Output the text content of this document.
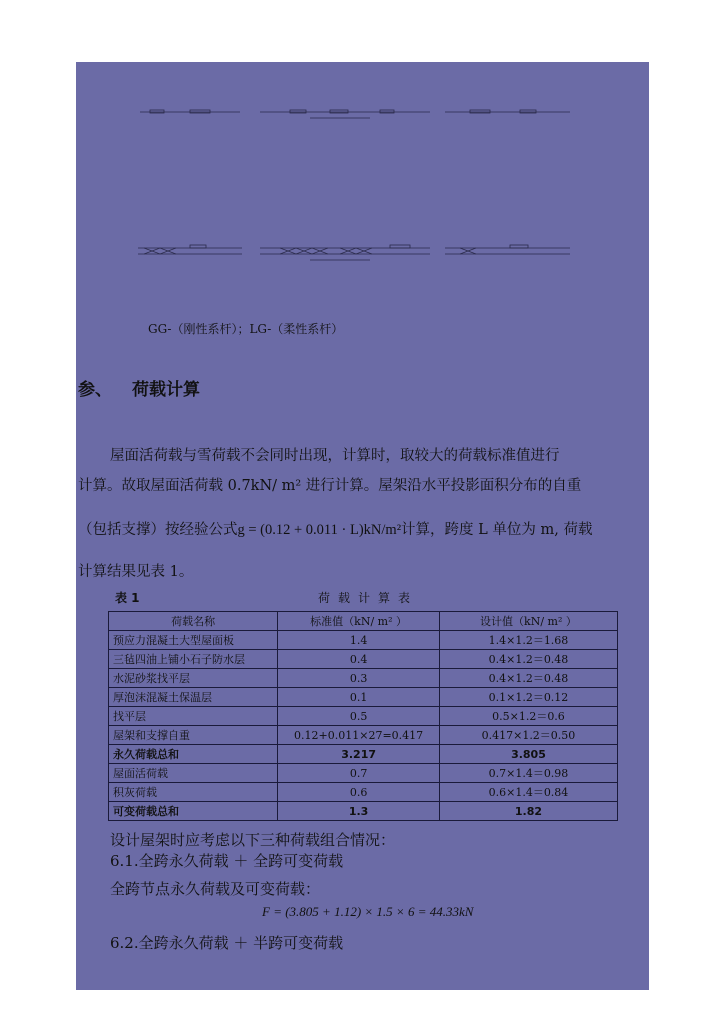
GG-（刚性系杆）；LG-（柔性系杆）
参、 荷载计算
屋面活荷载与雪荷载不会同时出现，计算时，取较大的荷载标准值进行
计算。故取屋面活荷载 0.7kN/ m² 进行计算。屋架沿水平投影面积分布的自重
（包括支撑）按经验公式g = (0.12 + 0.011 · L)kN/m²计算，跨度 L 单位为 m, 荷载
计算结果见表 1。
表 1	荷载计算表
荷载名称	标准值（kN/ m² ）	设计值（kN/ m² ）
预应力混凝土大型屋面板	1.4	1.4×1.2＝1.68
三毡四油上铺小石子防水层	0.4	0.4×1.2＝0.48
水泥砂浆找平层	0.3	0.4×1.2＝0.48
厚泡沫混凝土保温层	0.1	0.1×1.2＝0.12
找平层	0.5	0.5×1.2＝0.6
屋架和支撑自重	0.12+0.011×27=0.417	0.417×1.2＝0.50
永久荷载总和	3.217	3.805
屋面活荷载	0.7	0.7×1.4＝0.98
积灰荷载	0.6	0.6×1.4＝0.84
可变荷载总和	1.3	1.82
设计屋架时应考虑以下三种荷载组合情况：
6.1.全跨永久荷载 ＋ 全跨可变荷载
全跨节点永久荷载及可变荷载：
F = (3.805 + 1.12) × 1.5 × 6 = 44.33kN
6.2.全跨永久荷载 ＋ 半跨可变荷载
